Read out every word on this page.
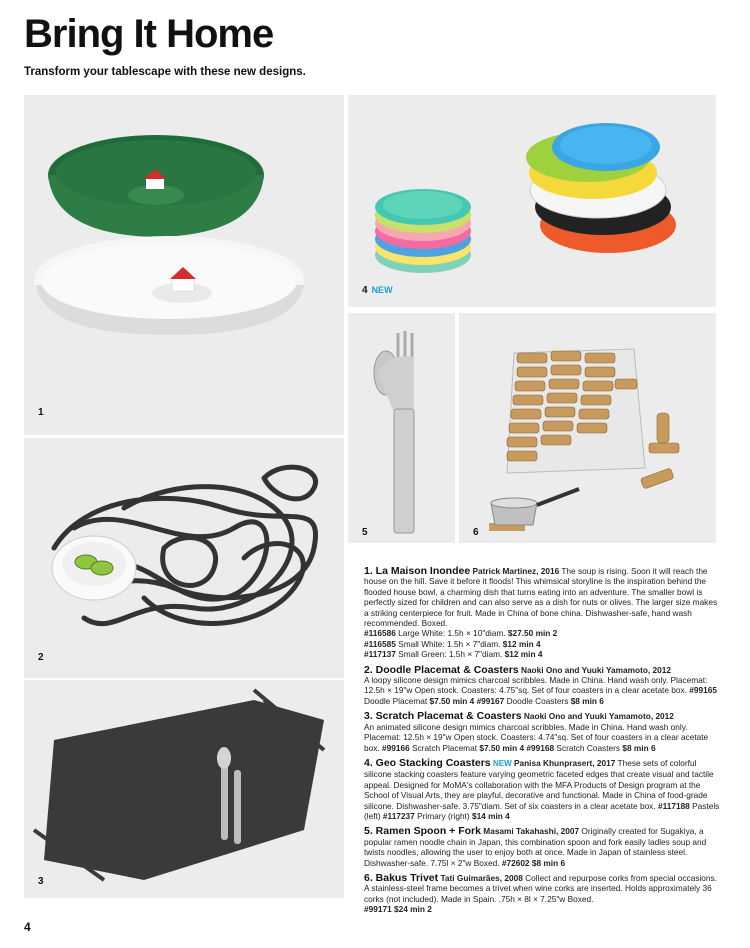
Bring It Home
Transform your tablescape with these new designs.
1
2
3
4 NEW
5	6
1. La Maison Inondee Patrick Martinez, 2016 The soup is rising. Soon it will reach the house on the hill. Save it before it floods! This whimsical storyline is the inspiration behind the flooded house bowl, a charming dish that turns eating into an adventure. The smaller bowl is perfectly sized for children and can also serve as a dish for nuts or olives. The larger size makes a striking centerpiece for fruit. Made in China of bone china. Dishwasher-safe, hand wash recommended. Boxed.
#116586 Large White: 1.5h × 10"diam. $27.50 min 2
#116585 Small White: 1.5h × 7"diam. $12 min 4
#117137 Small Green: 1.5h × 7"diam. $12 min 4
2. Doodle Placemat & Coasters Naoki Ono and Yuuki Yamamoto, 2012
A loopy silicone design mimics charcoal scribbles. Made in China. Hand wash only. Placemat: 12.5h × 19"w Open stock. Coasters: 4.75"sq. Set of four coasters in a clear acetate box. #99165 Doodle Placemat $7.50 min 4 #99167 Doodle Coasters $8 min 6
3. Scratch Placemat & Coasters Naoki Ono and Yuuki Yamamoto, 2012
An animated silicone design mimics charcoal scribbles. Made in China. Hand wash only. Placemat: 12.5h × 19"w Open stock. Coasters: 4.74"sq. Set of four coasters in a clear acetate box. #99166 Scratch Placemat $7.50 min 4 #99168 Scratch Coasters $8 min 6
4. Geo Stacking Coasters NEW Panisa Khunprasert, 2017 These sets of colorful silicone stacking coasters feature varying geometric faceted edges that create visual and tactile appeal. Designed for MoMA's collaboration with the MFA Products of Design program at the School of Visual Arts, they are playful, decorative and functional. Made in China of food-grade silicone. Dishwasher-safe. 3.75"diam. Set of six coasters in a clear acetate box. #117188 Pastels (left) #117237 Primary (right) $14 min 4
5. Ramen Spoon + Fork Masami Takahashi, 2007 Originally created for Sugakiya, a popular ramen noodle chain in Japan, this combination spoon and fork easily ladles soup and twists noodles, allowing the user to enjoy both at once. Made in Japan of stainless steel. Dishwasher-safe. 7.75l × 2"w Boxed. #72602 $8 min 6
6. Bakus Trivet Tati Guimarães, 2008 Collect and repurpose corks from special occasions. A stainless-steel frame becomes a trivet when wine corks are inserted. Holds approximately 36 corks (not included). Made in Spain. .75h × 8l × 7.25"w Boxed.
#99171 $24 min 2
4
